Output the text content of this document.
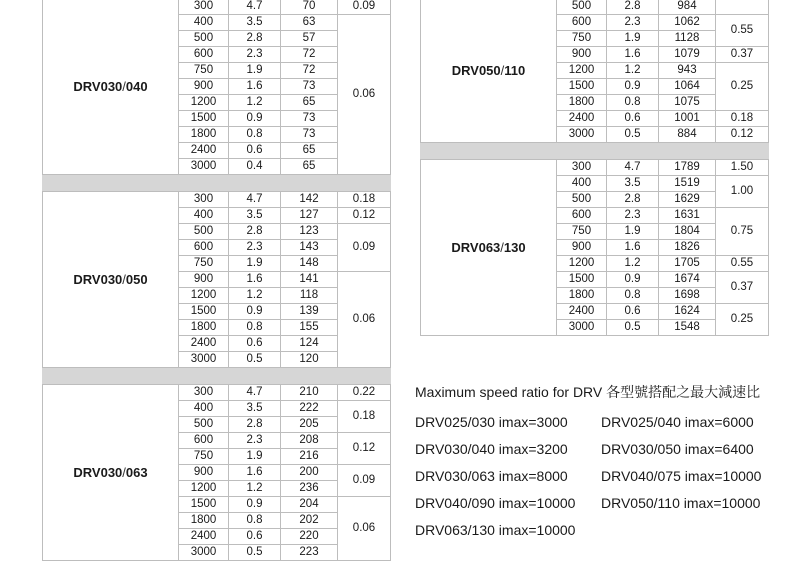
DRV030/040	300	4.7	70	0.09
	400	3.5	63	0.06
	500	2.8	57	
	600	2.3	72	
	750	1.9	72	
	900	1.6	73	
	1200	1.2	65	
	1500	0.9	73	
	1800	0.8	73	
	2400	0.6	65	
	3000	0.4	65	

DRV030/050	300	4.7	142	0.18
	400	3.5	127	0.12
	500	2.8	123	0.09
	600	2.3	143	
	750	1.9	148	
	900	1.6	141	0.06
	1200	1.2	118	
	1500	0.9	139	
	1800	0.8	155	
	2400	0.6	124	
	3000	0.5	120	

DRV030/063	300	4.7	210	0.22
	400	3.5	222	0.18
	500	2.8	205	
	600	2.3	208	0.12
	750	1.9	216	
	900	1.6	200	0.09
	1200	1.2	236	
	1500	0.9	204	0.06
	1800	0.8	202	
	2400	0.6	220	
	3000	0.5	223	
DRV050/110	500	2.8	984	
	600	2.3	1062	0.55
	750	1.9	1128	
	900	1.6	1079	0.37
	1200	1.2	943	0.25
	1500	0.9	1064	
	1800	0.8	1075	
	2400	0.6	1001	0.18
	3000	0.5	884	0.12

DRV063/130	300	4.7	1789	1.50
	400	3.5	1519	1.00
	500	2.8	1629	
	600	2.3	1631	0.75
	750	1.9	1804	
	900	1.6	1826	
	1200	1.2	1705	0.55
	1500	0.9	1674	0.37
	1800	0.8	1698	
	2400	0.6	1624	0.25
	3000	0.5	1548	
Maximum speed ratio for DRV 各型號搭配之最大減速比
DRV025/030 imax=3000 DRV025/040 imax=6000
DRV030/040 imax=3200 DRV030/050 imax=6400
DRV030/063 imax=8000 DRV040/075 imax=10000
DRV040/090 imax=10000 DRV050/110 imax=10000
DRV063/130 imax=10000
